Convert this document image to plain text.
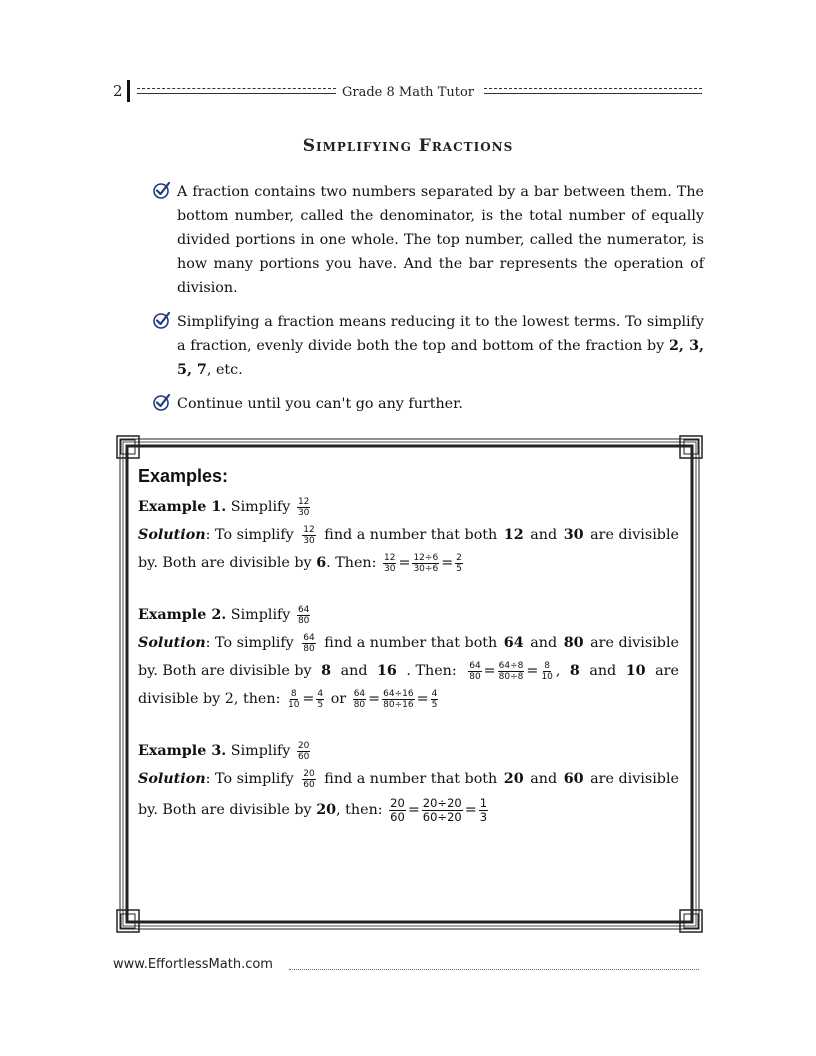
2	Grade 8 Math Tutor
Simplifying Fractions

A fraction contains two numbers separated by a bar between them. The bottom number, called the denominator, is the total number of equally divided portions in one whole. The top number, called the numerator, is how many portions you have. And the bar represents the operation of division.

Simplifying a fraction means reducing it to the lowest terms. To simplify a fraction, evenly divide both the top and bottom of the fraction by 2, 3, 5, 7, etc.

Continue until you can't go any further.

Examples:
Example 1. Simplify $\frac{12}{30}$
Solution: To simplify $\frac{12}{30}$ find a number that both 12 and 30 are divisible
by. Both are divisible by 6. Then: $\frac{12}{30} = \frac{12\div 6}{30\div 6} = \frac{2}{5}$
Example 2. Simplify $\frac{64}{80}$
Solution: To simplify $\frac{64}{80}$ find a number that both 64 and 80 are divisible
by. Both are divisible by 8 and 16 . Then: $\frac{64}{80} = \frac{64\div 8}{80\div 8} = \frac{8}{10}$ , 8 and 10 are
divisible by 2, then: $\frac{8}{10} = \frac{4}{5}$ or $\frac{64}{80} = \frac{64\div 16}{80\div 16} = \frac{4}{5}$
Example 3. Simplify $\frac{20}{60}$
Solution: To simplify $\frac{20}{60}$ find a number that both 20 and 60 are divisible
by. Both are divisible by 20, then: $\frac{20}{60} = \frac{20\div 20}{60\div 20} = \frac{1}{3}$
www.EffortlessMath.com
